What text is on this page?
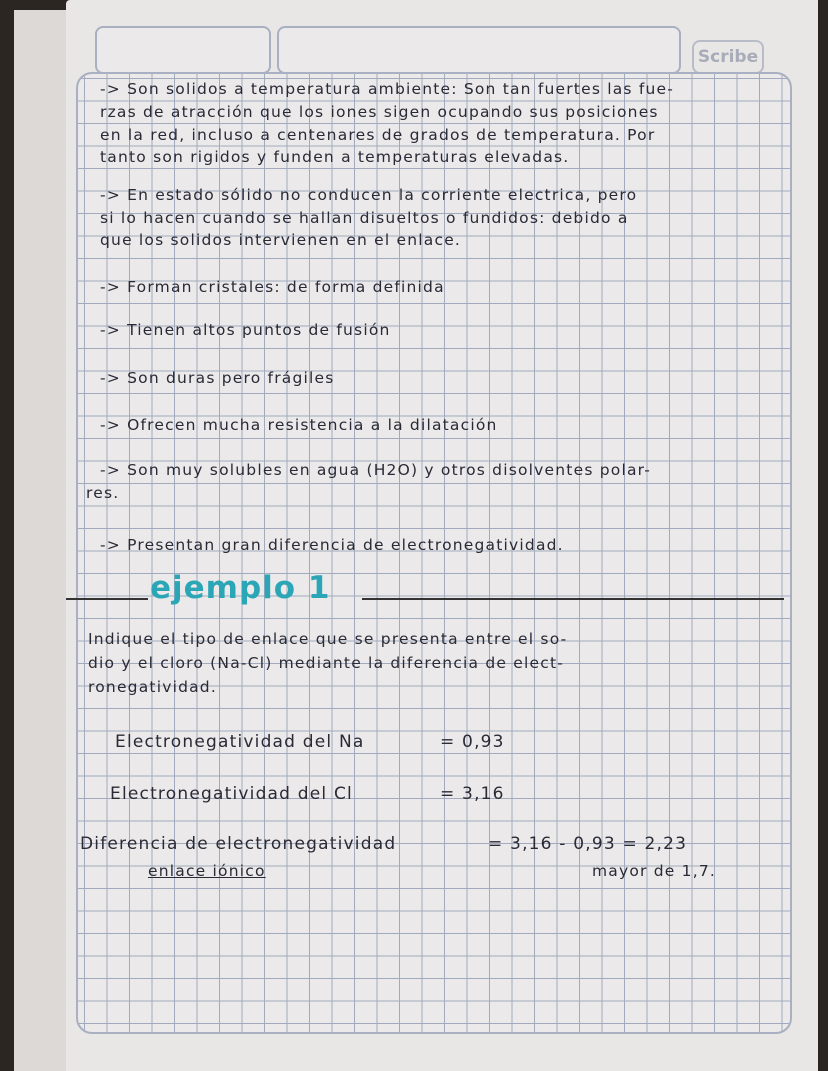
Scribe
-> Son solidos a temperatura ambiente: Son tan fuertes las fue-
rzas de atracción que los iones sigen ocupando sus posiciones
en la red, incluso a centenares de grados de temperatura. Por
tanto son rigidos y funden a temperaturas elevadas.
-> En estado sólido no conducen la corriente electrica, pero
si lo hacen cuando se hallan disueltos o fundidos: debido a
que los solidos intervienen en el enlace.
-> Forman cristales: de forma definida
-> Tienen altos puntos de fusión
-> Son duras pero frágiles
-> Ofrecen mucha resistencia a la dilatación
-> Son muy solubles en agua (H2O) y otros disolventes polar-
res.
-> Presentan gran diferencia de electronegatividad.
ejemplo 1
Indique el tipo de enlace que se presenta entre el so-
dio y el cloro (Na-Cl) mediante la diferencia de elect-
ronegatividad.
Electronegatividad del Na	= 0,93
Electronegatividad del Cl	= 3,16
Diferencia de electronegatividad	= 3,16 - 0,93 = 2,23
enlace iónico	mayor de 1,7.
